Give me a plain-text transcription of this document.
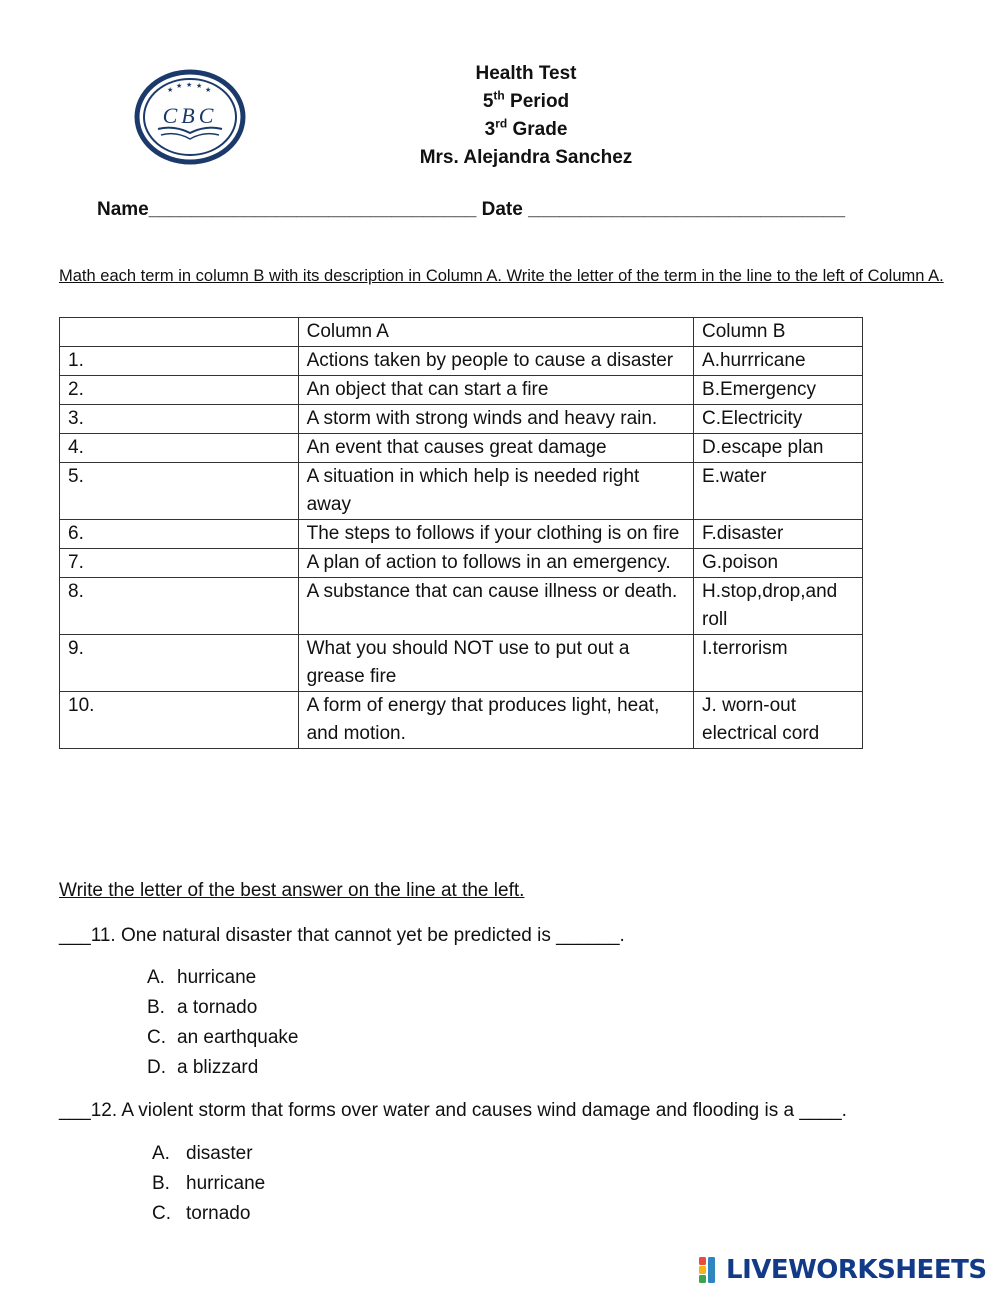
★ ★ ★ ★ ★
CBC
Health Test
5th Period
3rd Grade
Mrs. Alejandra Sanchez
Name_______________________________ Date ______________________________
Math each term in column B with its description in Column A. Write the letter of the term in the line to the left of Column A.
	Column A	Column B
1.	Actions taken by people to cause a disaster	A.hurrricane
2.	An object that can start a fire	B.Emergency
3.	A storm with strong winds and heavy rain.	C.Electricity
4.	An event that causes great damage	D.escape plan
5.	A situation in which help is needed right away	E.water
6.	The steps to follows if your clothing is on fire	F.disaster
7.	A plan of action to follows in an emergency.	G.poison
8.	A substance that can cause illness or death.	H.stop,drop,and roll
9.	What you should NOT use to put out a grease fire	I.terrorism
10.	A form of energy that produces light, heat, and motion.	J. worn-out electrical cord
Write the letter of the best answer on the line at the left.
___11. One natural disaster that cannot yet be predicted is ______.
A. hurricane
B. a tornado
C. an earthquake
D. a blizzard
___12. A violent storm that forms over water and causes wind damage and flooding is a ____.
A. disaster
B. hurricane
C. tornado
LIVEWORKSHEETS
